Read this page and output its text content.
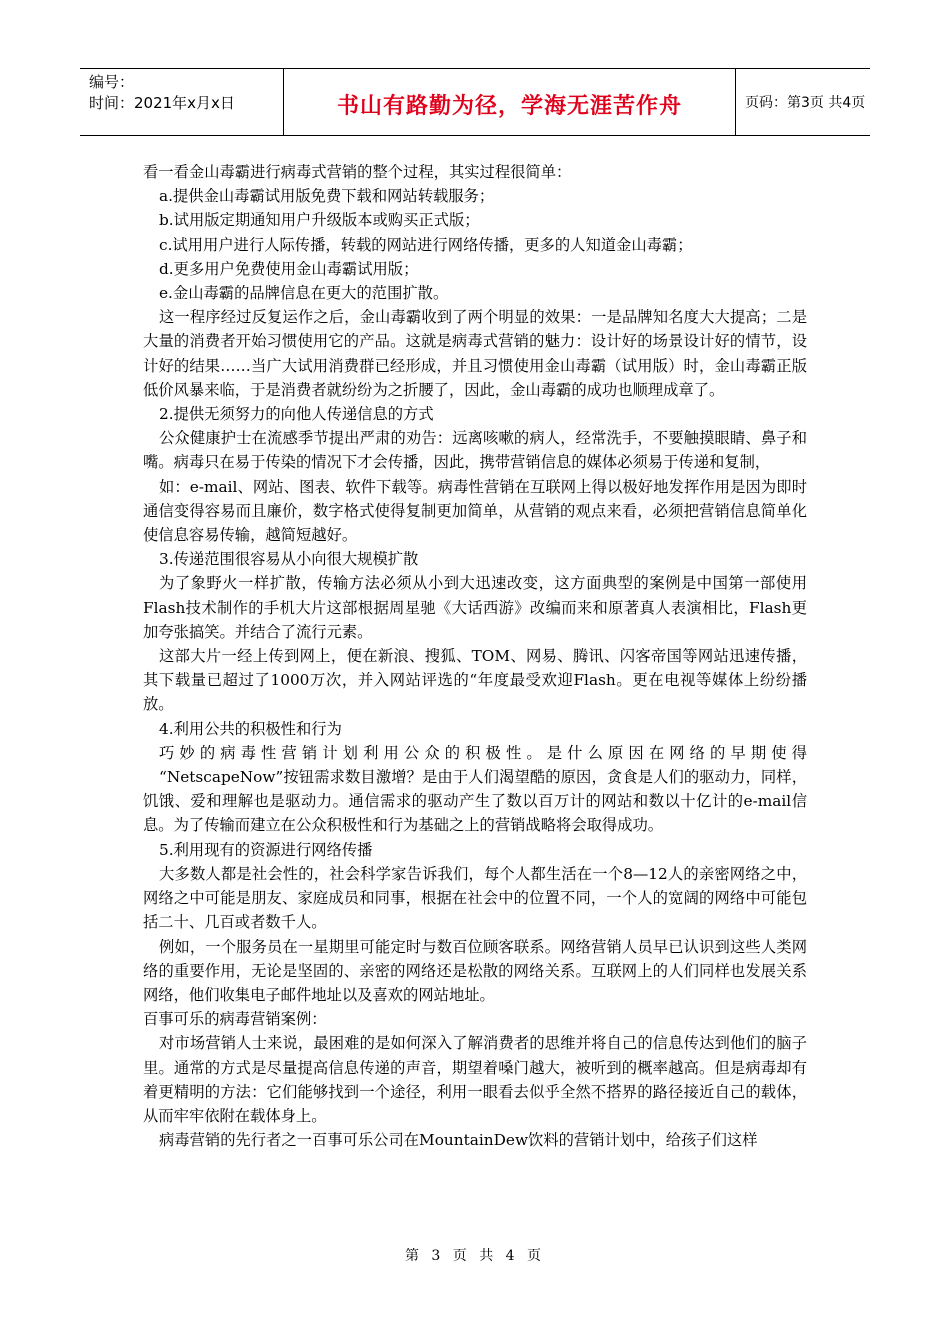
编号：
时间：2021年x月x日	书山有路勤为径，学海无涯苦作舟	页码：第3页 共4页

看一看金山毒霸进行病毒式营销的整个过程，其实过程很简单：

a.提供金山毒霸试用版免费下载和网站转载服务；

b.试用版定期通知用户升级版本或购买正式版；

c.试用用户进行人际传播，转载的网站进行网络传播，更多的人知道金山毒霸；

d.更多用户免费使用金山毒霸试用版；

e.金山毒霸的品牌信息在更大的范围扩散。

这一程序经过反复运作之后，金山毒霸收到了两个明显的效果：一是品牌知名度大大提高；二是大量的消费者开始习惯使用它的产品。这就是病毒式营销的魅力：设计好的场景设计好的情节，设计好的结果……当广大试用消费群已经形成，并且习惯使用金山毒霸（试用版）时，金山毒霸正版低价风暴来临，于是消费者就纷纷为之折腰了，因此，金山毒霸的成功也顺理成章了。

2.提供无须努力的向他人传递信息的方式

公众健康护士在流感季节提出严肃的劝告：远离咳嗽的病人，经常洗手，不要触摸眼睛、鼻子和嘴。病毒只在易于传染的情况下才会传播，因此，携带营销信息的媒体必须易于传递和复制，

如：e-mail、网站、图表、软件下载等。病毒性营销在互联网上得以极好地发挥作用是因为即时通信变得容易而且廉价，数字格式使得复制更加简单，从营销的观点来看，必须把营销信息简单化使信息容易传输，越简短越好。

3.传递范围很容易从小向很大规模扩散

为了象野火一样扩散，传输方法必须从小到大迅速改变，这方面典型的案例是中国第一部使用Flash技术制作的手机大片这部根据周星驰《大话西游》改编而来和原著真人表演相比，Flash更加夸张搞笑。并结合了流行元素。

这部大片一经上传到网上，便在新浪、搜狐、TOM、网易、腾讯、闪客帝国等网站迅速传播，其下载量已超过了1000万次，并入网站评选的“年度最受欢迎Flash。更在电视等媒体上纷纷播放。

4.利用公共的积极性和行为

巧妙的病毒性营销计划利用公众的积极性。是什么原因在网络的早期使得

“NetscapeNow”按钮需求数目激增？是由于人们渴望酷的原因，贪食是人们的驱动力，同样，饥饿、爱和理解也是驱动力。通信需求的驱动产生了数以百万计的网站和数以十亿计的e-mail信息。为了传输而建立在公众积极性和行为基础之上的营销战略将会取得成功。

5.利用现有的资源进行网络传播

大多数人都是社会性的，社会科学家告诉我们，每个人都生活在一个8—12人的亲密网络之中，网络之中可能是朋友、家庭成员和同事，根据在社会中的位置不同，一个人的宽阔的网络中可能包括二十、几百或者数千人。

例如，一个服务员在一星期里可能定时与数百位顾客联系。网络营销人员早已认识到这些人类网络的重要作用，无论是坚固的、亲密的网络还是松散的网络关系。互联网上的人们同样也发展关系网络，他们收集电子邮件地址以及喜欢的网站地址。

百事可乐的病毒营销案例：

对市场营销人士来说，最困难的是如何深入了解消费者的思维并将自己的信息传达到他们的脑子里。通常的方式是尽量提高信息传递的声音，期望着嗓门越大，被听到的概率越高。但是病毒却有着更精明的方法：它们能够找到一个途径，利用一眼看去似乎全然不搭界的路径接近自己的载体，从而牢牢依附在载体身上。

病毒营销的先行者之一百事可乐公司在MountainDew饮料的营销计划中，给孩子们这样

第 3 页 共 4 页
